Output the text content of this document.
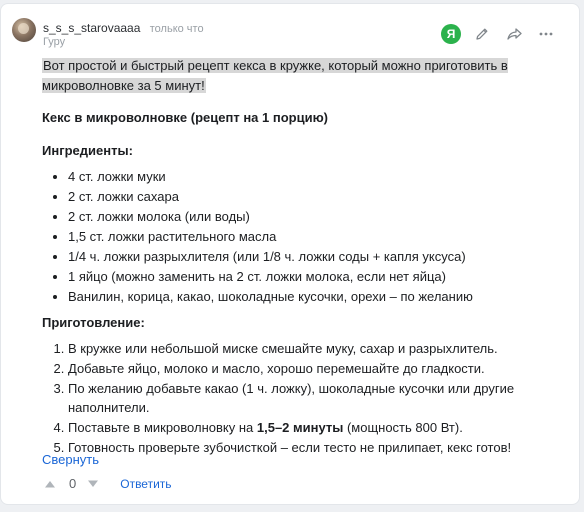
s_s_s_starovaaaa только что
Гуру
Я

Вот простой и быстрый рецепт кекса в кружке, который можно приготовить в микроволновке за 5 минут!

Кекс в микроволновке (рецепт на 1 порцию)

Ингредиенты:

• 4 ст. ложки муки
• 2 ст. ложки сахара
• 2 ст. ложки молока (или воды)
• 1,5 ст. ложки растительного масла
• 1/4 ч. ложки разрыхлителя (или 1/8 ч. ложки соды + капля уксуса)
• 1 яйцо (можно заменить на 2 ст. ложки молока, если нет яйца)
• Ванилин, корица, какао, шоколадные кусочки, орехи – по желанию

Приготовление:

1. В кружке или небольшой миске смешайте муку, сахар и разрыхлитель.
2. Добавьте яйцо, молоко и масло, хорошо перемешайте до гладкости.
3. По желанию добавьте какао (1 ч. ложку), шоколадные кусочки или другие наполнители.
4. Поставьте в микроволновку на 1,5–2 минуты (мощность 800 Вт).
5. Готовность проверьте зубочисткой – если тесто не прилипает, кекс готов!
Свернуть
0	Ответить
